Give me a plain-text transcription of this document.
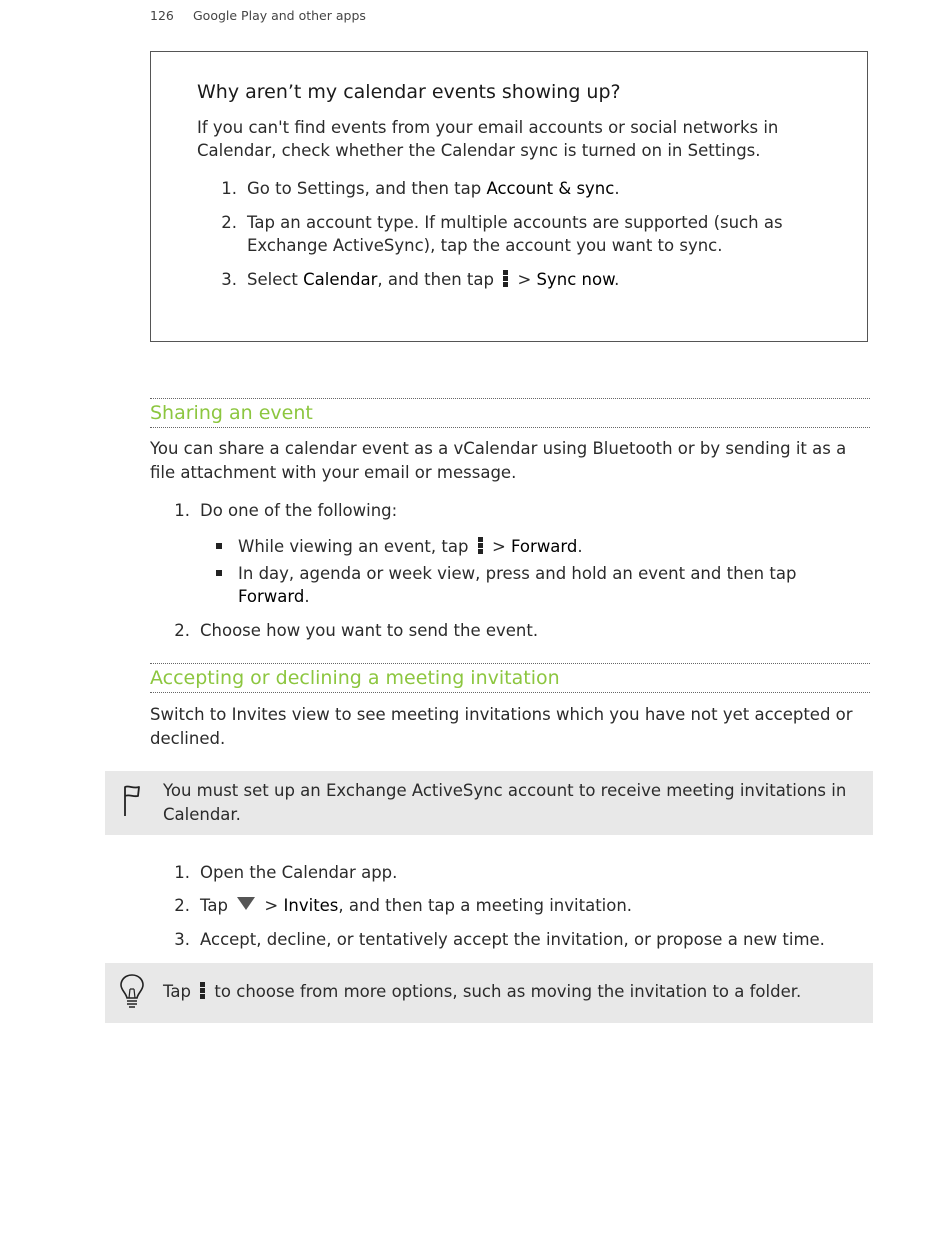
126 Google Play and other apps
Why aren’t my calendar events showing up?
If you can't find events from your email accounts or social networks in Calendar, check whether the Calendar sync is turned on in Settings.
1. Go to Settings, and then tap Account & sync.
2. Tap an account type. If multiple accounts are supported (such as Exchange ActiveSync), tap the account you want to sync.
3. Select Calendar, and then tap
> Sync now.
Sharing an event
You can share a calendar event as a vCalendar using Bluetooth or by sending it as a file attachment with your email or message.
1. Do one of the following:
While viewing an event, tap
> Forward.
In day, agenda or week view, press and hold an event and then tap Forward.
2. Choose how you want to send the event.
Accepting or declining a meeting invitation
Switch to Invites view to see meeting invitations which you have not yet accepted or declined.
You must set up an Exchange ActiveSync account to receive meeting invitations in Calendar.
1. Open the Calendar app.
2. Tap  > Invites, and then tap a meeting invitation.
3. Accept, decline, or tentatively accept the invitation, or propose a new time.
Tap
to choose from more options, such as moving the invitation to a folder.
